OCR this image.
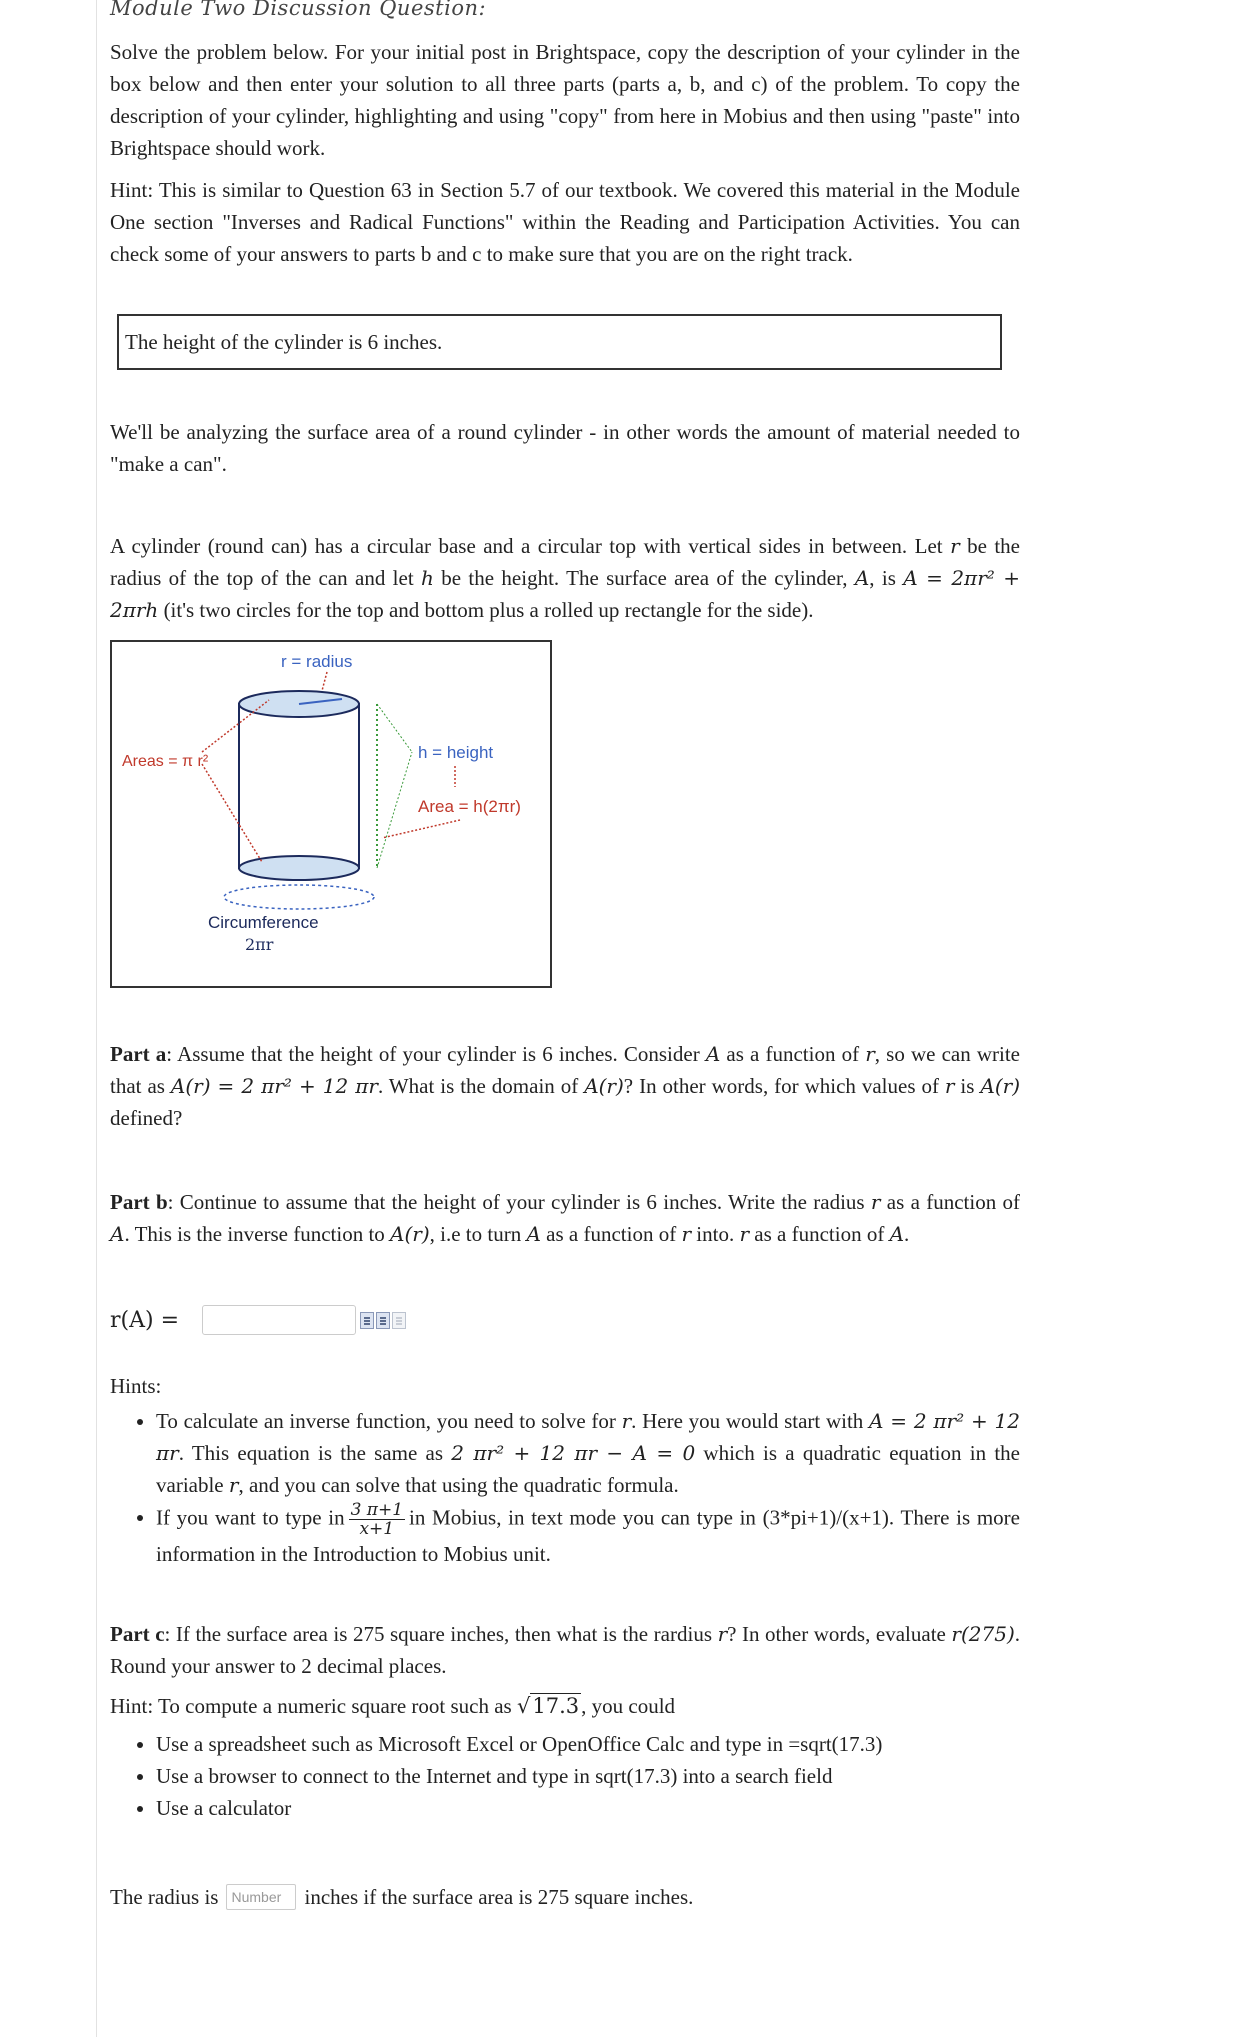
Module Two Discussion Question:

Solve the problem below. For your initial post in Brightspace, copy the description of your cylinder in the box below and then enter your solution to all three parts (parts a, b, and c) of the problem. To copy the description of your cylinder, highlighting and using "copy" from here in Mobius and then using "paste" into Brightspace should work.

Hint: This is similar to Question 63 in Section 5.7 of our textbook. We covered this material in the Module One section "Inverses and Radical Functions" within the Reading and Participation Activities. You can check some of your answers to parts b and c to make sure that you are on the right track.

The height of the cylinder is 6 inches.

We'll be analyzing the surface area of a round cylinder - in other words the amount of material needed to "make a can".

A cylinder (round can) has a circular base and a circular top with vertical sides in between. Let r be the radius of the top of the can and let h be the height. The surface area of the cylinder, A, is A = 2πr² + 2πrh (it's two circles for the top and bottom plus a rolled up rectangle for the side).

r = radius
h = height
Area = h(2πr)
Areas = π r²
Circumference
2πr

Part a: Assume that the height of your cylinder is 6 inches. Consider A as a function of r, so we can write that as A(r) = 2 πr² + 12 πr. What is the domain of A(r)? In other words, for which values of r is A(r) defined?

Part b: Continue to assume that the height of your cylinder is 6 inches. Write the radius r as a function of A. This is the inverse function to A(r), i.e to turn A as a function of r into. r as a function of A.

r(A) =
Hints:
• To calculate an inverse function, you need to solve for r. Here you would start with A = 2 πr² + 12 πr. This equation is the same as 2 πr² + 12 πr − A = 0 which is a quadratic equation in the variable r, and you can solve that using the quadratic formula.
• If you want to type in $\frac{3 \pi+1}{x+1}$ in Mobius, in text mode you can type in (3*pi+1)/(x+1). There is more information in the Introduction to Mobius unit.

Part c: If the surface area is 275 square inches, then what is the rardius r? In other words, evaluate r(275). Round your answer to 2 decimal places.

Hint: To compute a numeric square root such as √17.3, you could

• Use a spreadsheet such as Microsoft Excel or OpenOffice Calc and type in =sqrt(17.3)
• Use a browser to connect to the Internet and type in sqrt(17.3) into a search field
• Use a calculator
The radius is Number	inches if the surface area is 275 square inches.
